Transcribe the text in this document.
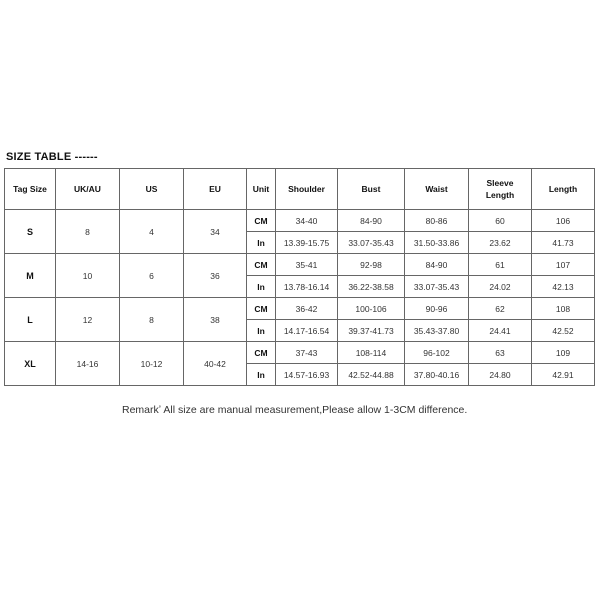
SIZE TABLE ------
Tag Size	UK/AU	US	EU	Unit	Shoulder	Bust	Waist	Sleeve Length	Length
S	8	4	34	CM	34-40	84-90	80-86	60	106
				In	13.39-15.75	33.07-35.43	31.50-33.86	23.62	41.73
M	10	6	36	CM	35-41	92-98	84-90	61	107
				In	13.78-16.14	36.22-38.58	33.07-35.43	24.02	42.13
L	12	8	38	CM	36-42	100-106	90-96	62	108
				In	14.17-16.54	39.37-41.73	35.43-37.80	24.41	42.52
XL	14-16	10-12	40-42	CM	37-43	108-114	96-102	63	109
				In	14.57-16.93	42.52-44.88	37.80-40.16	24.80	42.91
Remarkʼ All size are manual measurement,Please allow 1-3CM difference.
